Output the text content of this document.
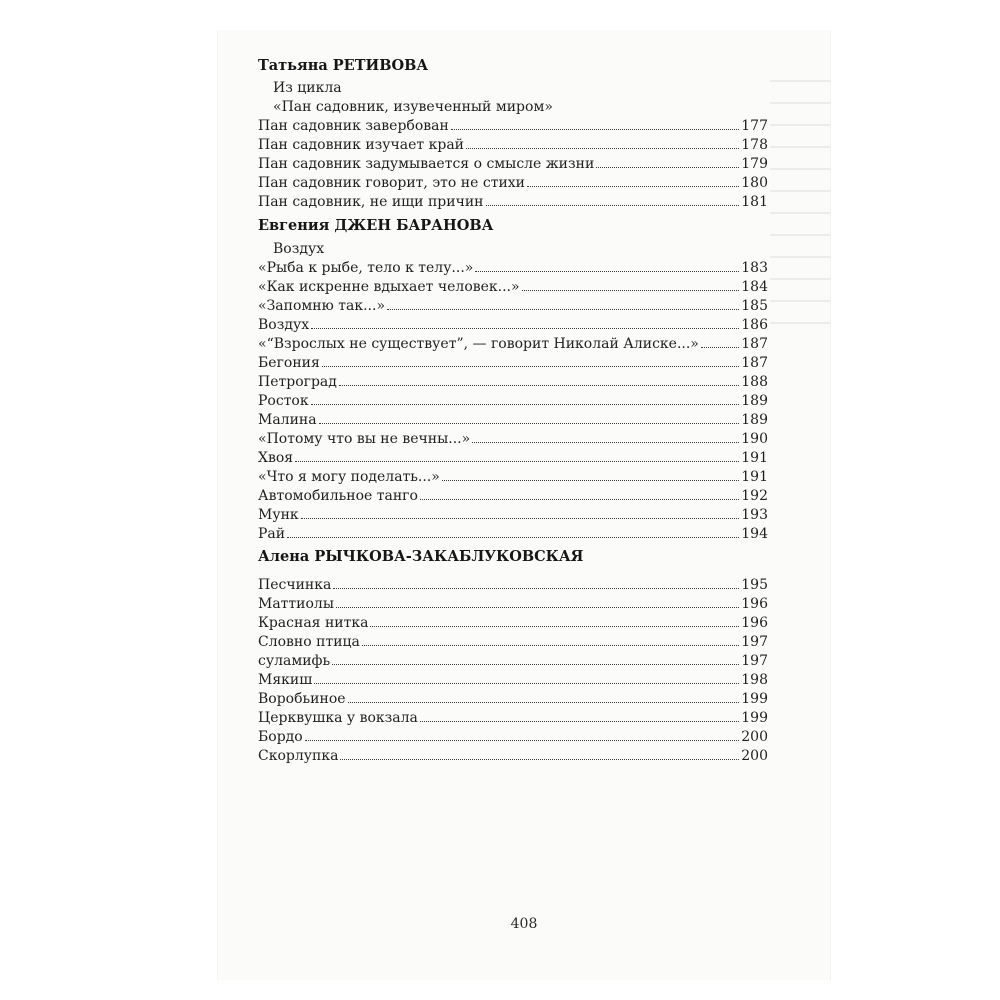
Татьяна РЕТИВОВА
Из цикла
«Пан садовник, изувеченный миром»
Пан садовник завербован	177
Пан садовник изучает край	178
Пан садовник задумывается о смысле жизни	179
Пан садовник говорит, это не стихи	180
Пан садовник, не ищи причин	181
Евгения ДЖЕН БАРАНОВА
Воздух
«Рыба к рыбе, тело к телу...»	183
«Как искренне вдыхает человек...»	184
«Запомню так...»	185
Воздух	186
«“Взрослых не существует”, — говорит Николай Алиске...»	187
Бегония	187
Петроград	188
Росток	189
Малина	189
«Потому что вы не вечны...»	190
Хвоя	191
«Что я могу поделать...»	191
Автомобильное танго	192
Мунк	193
Рай	194
Алена РЫЧКОВА-ЗАКАБЛУКОВСКАЯ
Песчинка	195
Маттиолы	196
Красная нитка	196
Словно птица	197
суламифь	197
Мякиш	198
Воробьиное	199
Церквушка у вокзала	199
Бордо	200
Скорлупка	200
408
